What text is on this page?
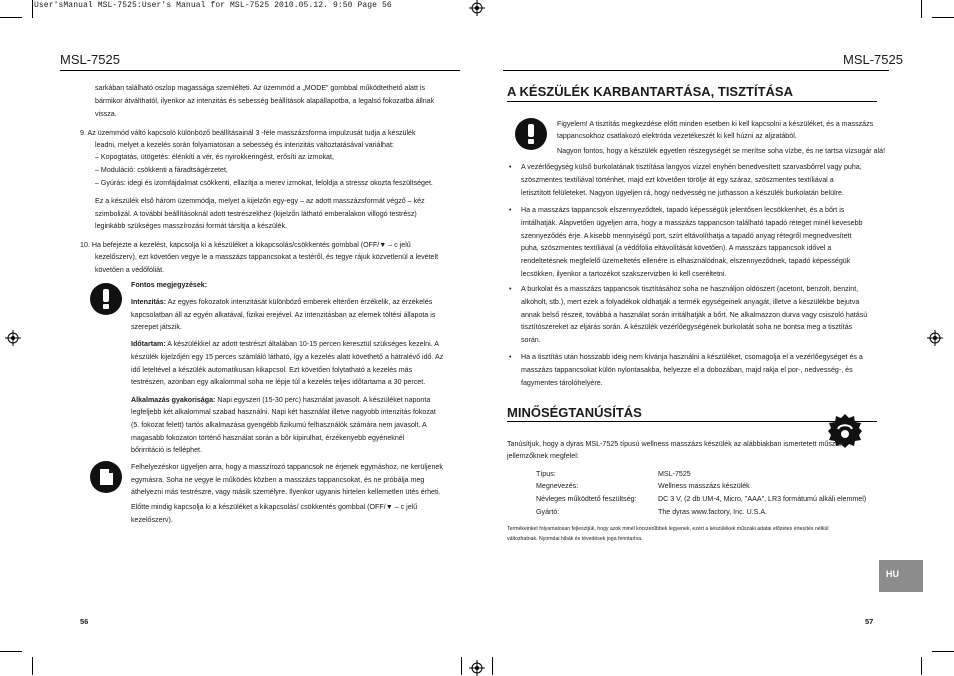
User'sManual MSL-7525:User's Manual for MSL-7525 2010.05.12. 9:50 Page 56
MSL-7525
sarkában található oszlop magassága szemlélteti. Az üzemmód a „MODE” gombbal működtethető alatt is
bármikor átválthatól, ilyenkor az intenzitás és sebesség beállítások alapállapotba, a legalsó fokozatba állnak
vissza.
9. Az üzemmód váltó kapcsoló különböző beállításainál 3 -féle masszázsforma impulzusát tudja a készülék
leadni, melyet a kezelés során folyamatosan a sebesség és intenzitás változtatásával variálhat:
– Kopogtatás, ütögetés: élénkíti a vér, és nyirokkeringést, erősíti az izmokat,
– Moduláció: csökkenti a fáradtságérzetet,
– Gyúrás: idegi és izomfájdalmat csökkenti, ellazítja a merev izmokat, feloldja a stressz okozta feszültséget.
Ez a készülék első három üzemmódja, melyet a kijelzőn egy-egy – az adott masszázsformát végző – kéz
szimbolizál. A további beállításoknál adott testrészekhez (kijelzőn látható emberalakon villogó testrész)
leginkább szükséges masszírozási formát társítja a készülék.
10. Ha befejezte a kezelést, kapcsolja ki a készüléket a kikapcsolás/csökkentés gombbal (OFF/▼ – c jelű
kezelőszerv), ezt követően vegye le a masszázs tappancsokat a testéről, és tegye rájuk közvetlenül a levételt
követően a védőfóliát.
Fontos megjegyzések:
Intenzitás: Az egyes fokozatok intenzitását különböző emberek eltérően érzékelik, az érzékelés
kapcsolatban áll az egyén alkatával, fizikai erejével. Az intenzitásban az elemek töltési állapota is
szerepet játszik.
Időtartam: A készülékkel az adott testrészt általában 10-15 percen keresztül szükséges kezelni. A
készülék kijelzőjén egy 15 perces számláló látható, így a kezelés alatt követhető a hátralévő idő. Az
idő leteltével a készülék automatikusan kikapcsol. Ezt követően folytatható a kezelés más
testrészen, azonban egy alkalommal soha ne lépje túl a kezelés teljes időtartama a 30 percet.
Alkalmazás gyakorisága: Napi egyszeri (15-30 perc) használat javasolt. A készüléket naponta
legfeljebb két alkalommal szabad használni. Napi két használat illetve nagyobb intenzitás fokozat
(5. fokozat felett) tartós alkalmazása gyengébb fizikumú felhasználók számára nem javasolt. A
magasabb fokozaton történő használat során a bőr kipirulhat, érzékenyebb egyéneknél
bőrirritáció is felléphet.
Felhelyezéskor ügyeljen arra, hogy a masszírozó tappancsok ne érjenek egymáshoz, ne kerüljenek
egymásra. Soha ne vegye le működés közben a masszázs tappancsokat, és ne próbálja meg
áthelyezni más testrészre, vagy másik személyre. Ilyenkor ugyanis hirtelen kellemetlen ütés érheti.
Előtte mindig kapcsolja ki a készüléket a kikapcsolás/ csökkentés gombbal (OFF/▼ – c jelű
kezelőszerv).
56
MSL-7525
A KÉSZÜLÉK KARBANTARTÁSA, TISZTÍTÁSA
Figyelem! A tisztítás megkezdése előtt minden esetben ki kell kapcsolni a készüléket, és a masszázs
tappancsokhoz csatlakozó elektróda vezetékeszét ki kell húzni az aljzatából.
Nagyon fontos, hogy a készülék egyetlen részegységét se merítse soha vízbe, és ne tartsa vízsugár alá!
• A vezérlőegység külső burkolatának tisztítása langyos vízzel enyhén benedvesített szarvasbőrrel vagy puha,
szöszmentes textíliával történhet, majd ezt követően törölje át egy száraz, szöszmentes textíliával a
letisztított felületeket. Nagyon ügyeljen rá, hogy nedvesség ne juthasson a készülék burkolatán belülre.
• Ha a masszázs tappancsok elszennyeződtek, tapadó képességük jelentősen lecsökkenhet, és a bőrt is
irritálhatják. Alapvetően ügyeljen arra, hogy a masszázs tappancson található tapadó réteget minél kevesebb
szennyeződés érje. A kisebb mennyiségű port, szírt eltávolíthatja a tapadó anyag rétegről megnedvesített
puha, szöszmentes textíliával (a védőfólia eltávolítását követően). A masszázs tappancsok idővel a
rendeltetésnek megfelelő üzemeltetés ellenére is elhasználódnak, elszennyeződnek, tapadó képességük
lecsökken, ilyenkor a tartozékot szakszervizben ki kell cseréltetni.
• A burkolat és a masszázs tappancsok tisztításához soha ne használjon oldószert (acetont, benzolt, benzint,
alkoholt, stb.), mert ezek a folyadékok oldhatják a termék egységeinek anyagát, illetve a készülékbe bejutva
annak belső részeit, továbbá a használat során irritálhatják a bőrt. Ne alkalmazzon durva vagy csiszoló hatású
tisztítószereket az eljárás során. A készülék vezérlőegységének burkolatát soha ne bontsa meg a tisztítás
során.
• Ha a tisztítás után hosszabb ideig nem kívánja használni a készüléket, csomagolja el a vezérlőegységet és a
masszázs tappancsokat külön nylontasakba, helyezze el a dobozában, majd rakja el por-, nedvesség-, és
fagymentes tárolóhelyére.
MINŐSÉGTANÚSÍTÁS
Tanúsítjuk, hogy a dyras MSL-7525 típusú wellness masszázs készülék az alábbiakban ismertetett műszaki
jellemzőknek megfelel:
Típus:	MSL-7525
Megnevezés:	Wellness masszázs készülék
Névleges működtető feszültség:	DC 3 V, (2 db UM-4, Micro, "AAA", LR3 formátumú alkáli elemmel)
Gyártó:	The dyras www.factory, Inc. U.S.A.
Termékeinket folyamatosan fejlesztjük, hogy azok minél korszerűbbek legyenek, ezért a készülékek műszaki adatai előzetes értesítés nélkül
változhatnak. Nyomdai hibák és tévedések joga fenntartva.
HU
57
